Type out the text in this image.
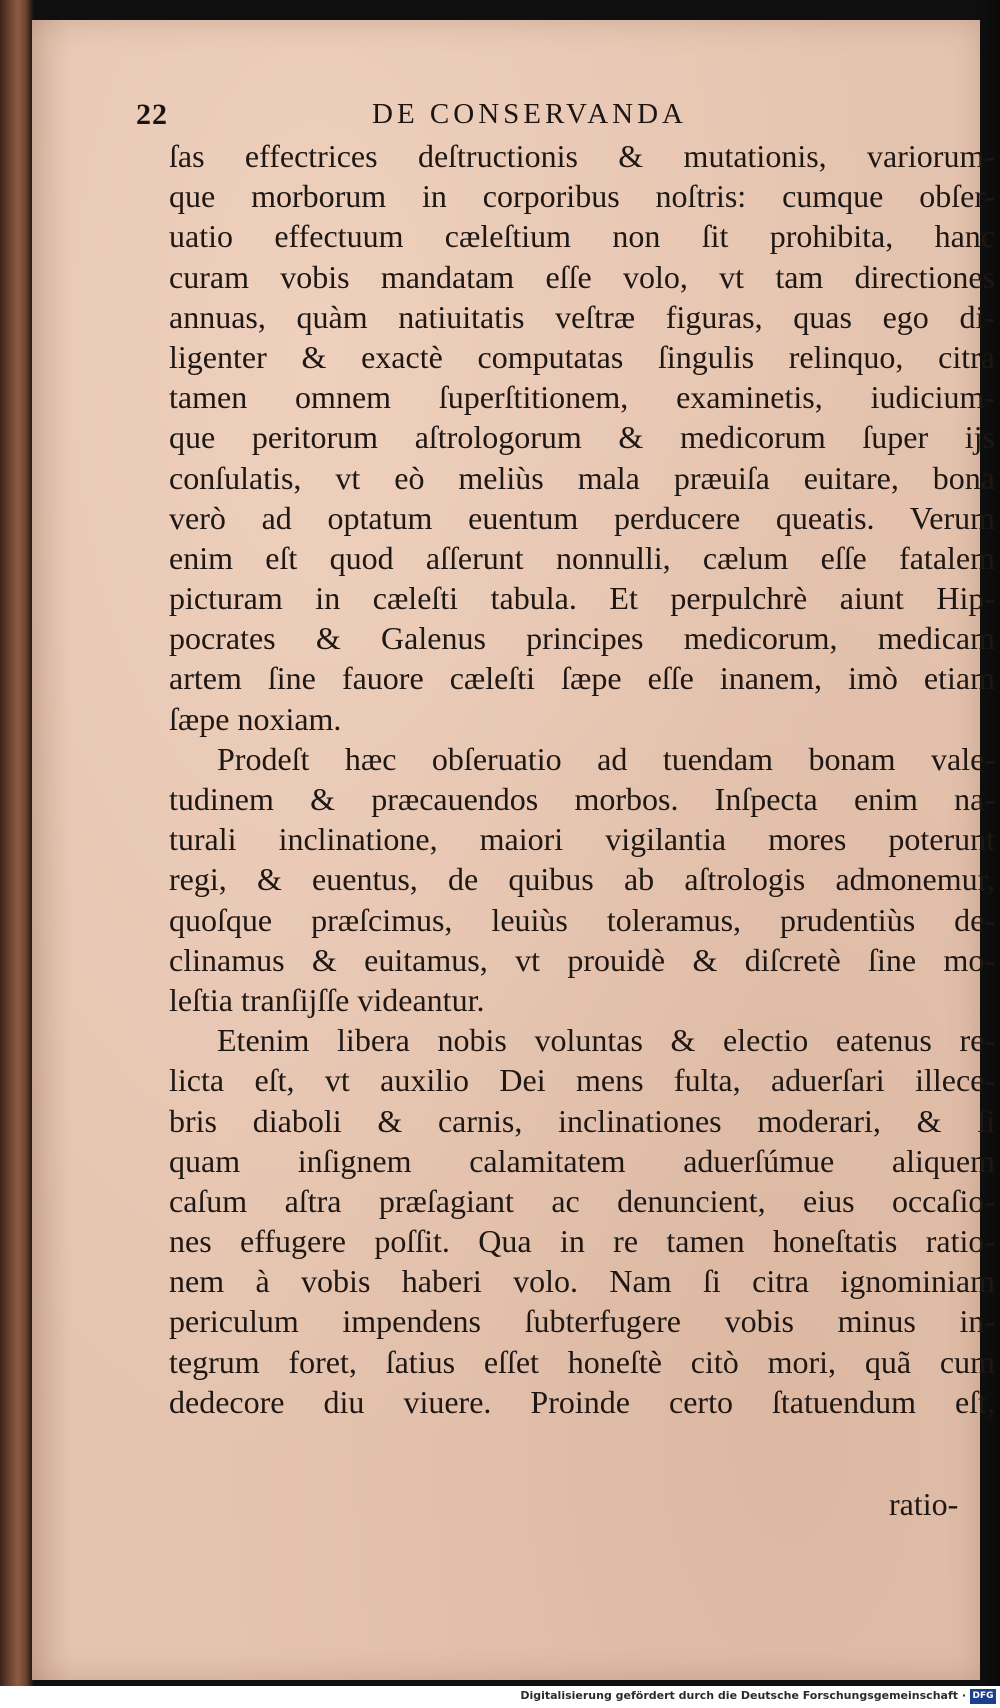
22	DE CONSERVANDA
ſas effectrices deſtructionis & mutationis, variorum-
que morborum in corporibus noſtris: cumque obſer-
uatio effectuum cæleſtium non ſit prohibita, hanc
curam vobis mandatam eſſe volo, vt tam directiones
annuas, quàm natiuitatis veſtræ figuras, quas ego di-
ligenter & exactè computatas ſingulis relinquo, citra
tamen omnem ſuperſtitionem, examinetis, iudicium-
que peritorum aſtrologorum & medicorum ſuper ijs
conſulatis, vt eò meliùs mala præuiſa euitare, bona
verò ad optatum euentum perducere queatis. Verum
enim eſt quod aſſerunt nonnulli, cælum eſſe fatalem
picturam in cæleſti tabula. Et perpulchrè aiunt Hip-
pocrates & Galenus principes medicorum, medicam
artem ſine fauore cæleſti ſæpe eſſe inanem, imò etiam
ſæpe noxiam.
Prodeſt hæc obſeruatio ad tuendam bonam vale-
tudinem & præcauendos morbos. Inſpecta enim na-
turali inclinatione, maiori vigilantia mores poterunt
regi, & euentus, de quibus ab aſtrologis admonemur,
quoſque præſcimus, leuiùs toleramus, prudentiùs de-
clinamus & euitamus, vt prouidè & diſcretè ſine mo-
leſtia tranſijſſe videantur.
Etenim libera nobis voluntas & electio eatenus re-
licta eſt, vt auxilio Dei mens fulta, aduerſari illece-
bris diaboli & carnis, inclinationes moderari, & ſi
quam inſignem calamitatem aduerſúmue aliquem
caſum aſtra præſagiant ac denuncient, eius occaſio-
nes effugere poſſit. Qua in re tamen honeſtatis ratio-
nem à vobis haberi volo. Nam ſi citra ignominiam
periculum impendens ſubterfugere vobis minus in-
tegrum foret, ſatius eſſet honeſtè citò mori, quã cum
dedecore diu viuere. Proinde certo ſtatuendum eſt,
ratio-
Digitalisierung gefördert durch die Deutsche Forschungsgemeinschaft · DFG
